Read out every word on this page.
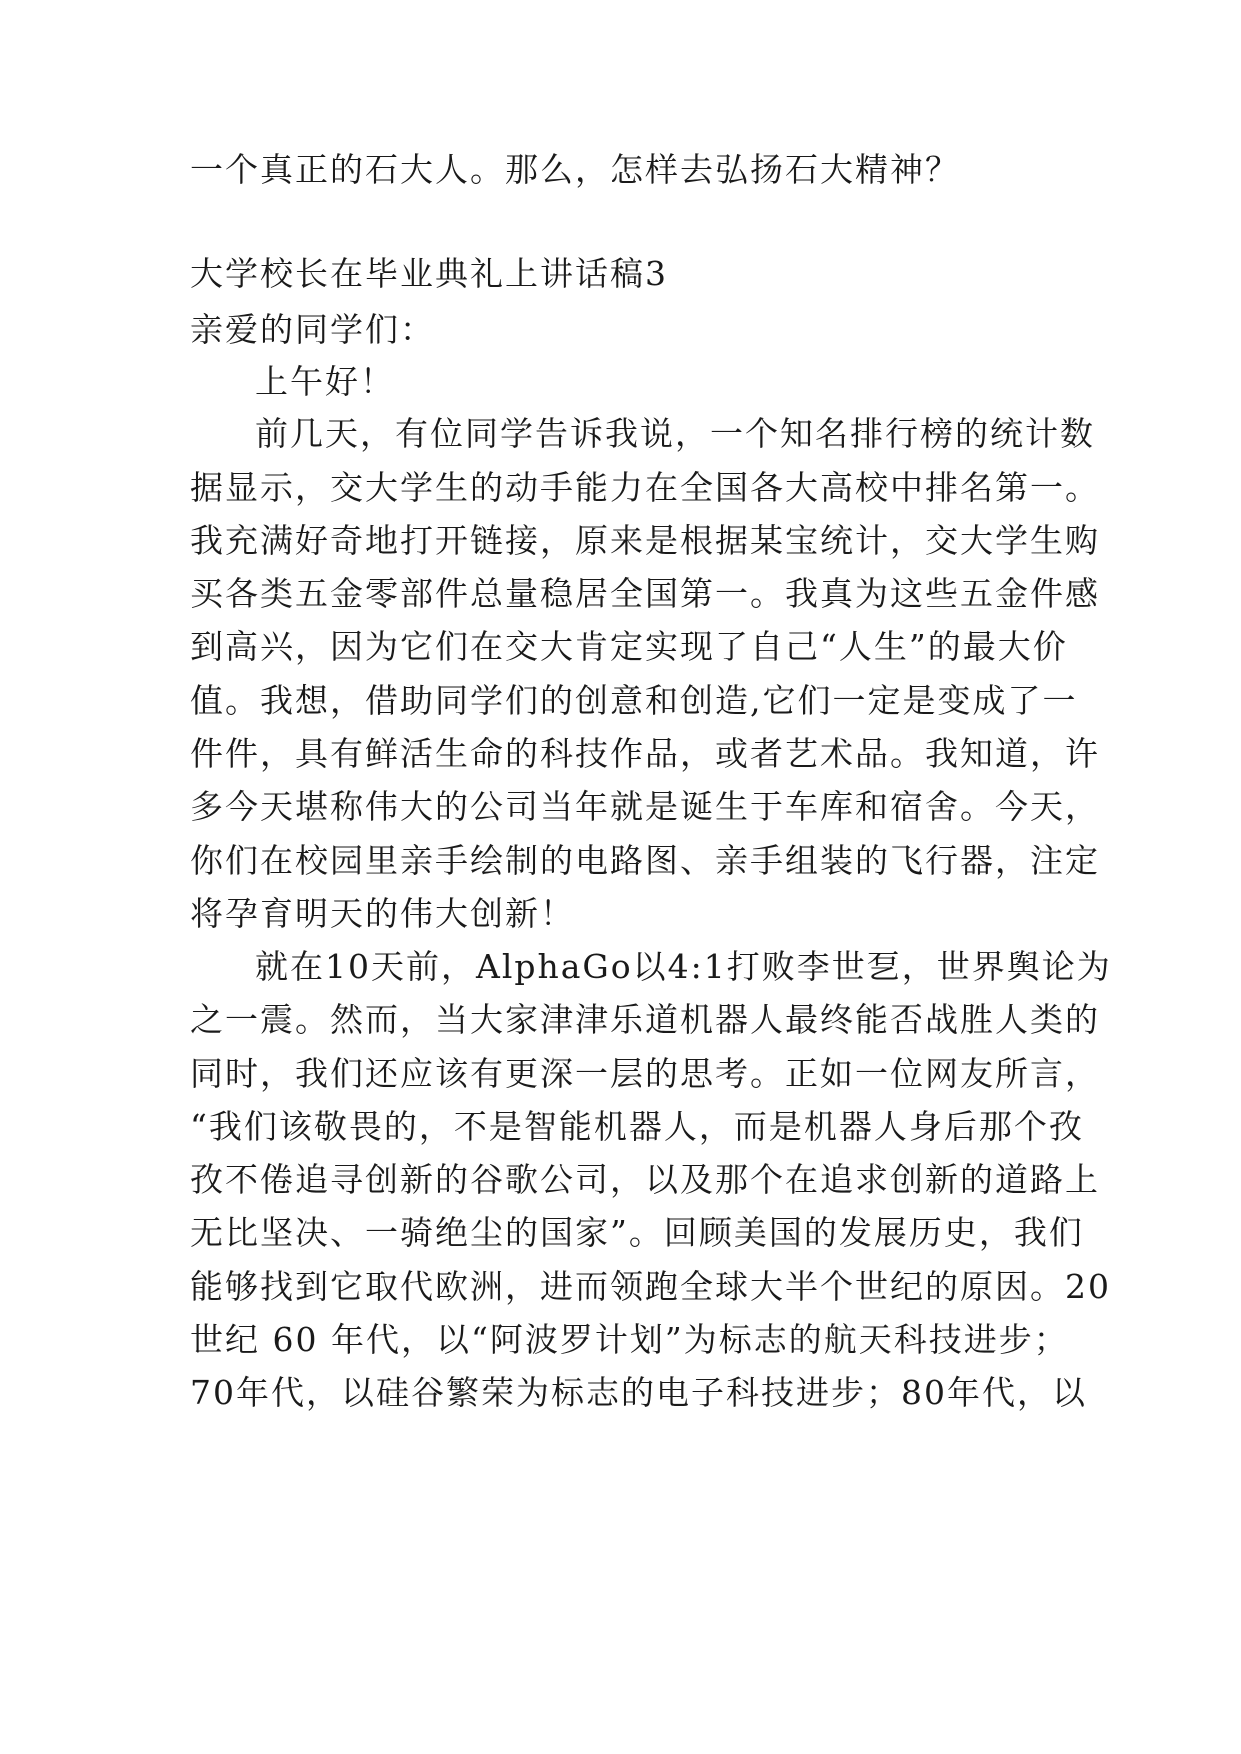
一个真正的石大人。那么，怎样去弘扬石大精神？
大学校长在毕业典礼上讲话稿3
亲爱的同学们：
上午好！
前几天，有位同学告诉我说，一个知名排行榜的统计数
据显示，交大学生的动手能力在全国各大高校中排名第一。
我充满好奇地打开链接，原来是根据某宝统计，交大学生购
买各类五金零部件总量稳居全国第一。我真为这些五金件感
到高兴，因为它们在交大肯定实现了自己“人生”的最大价
值。我想，借助同学们的创意和创造,它们一定是变成了一
件件，具有鲜活生命的科技作品，或者艺术品。我知道，许
多今天堪称伟大的公司当年就是诞生于车库和宿舍。今天，
你们在校园里亲手绘制的电路图、亲手组装的飞行器，注定
将孕育明天的伟大创新！
就在10天前，AlphaGo以4:1打败李世乭，世界舆论为
之一震。然而，当大家津津乐道机器人最终能否战胜人类的
同时，我们还应该有更深一层的思考。正如一位网友所言，
“我们该敬畏的，不是智能机器人，而是机器人身后那个孜
孜不倦追寻创新的谷歌公司，以及那个在追求创新的道路上
无比坚决、一骑绝尘的国家”。回顾美国的发展历史，我们
能够找到它取代欧洲，进而领跑全球大半个世纪的原因。20
世纪 60 年代，以“阿波罗计划”为标志的航天科技进步；
70年代，以硅谷繁荣为标志的电子科技进步；80年代，以
